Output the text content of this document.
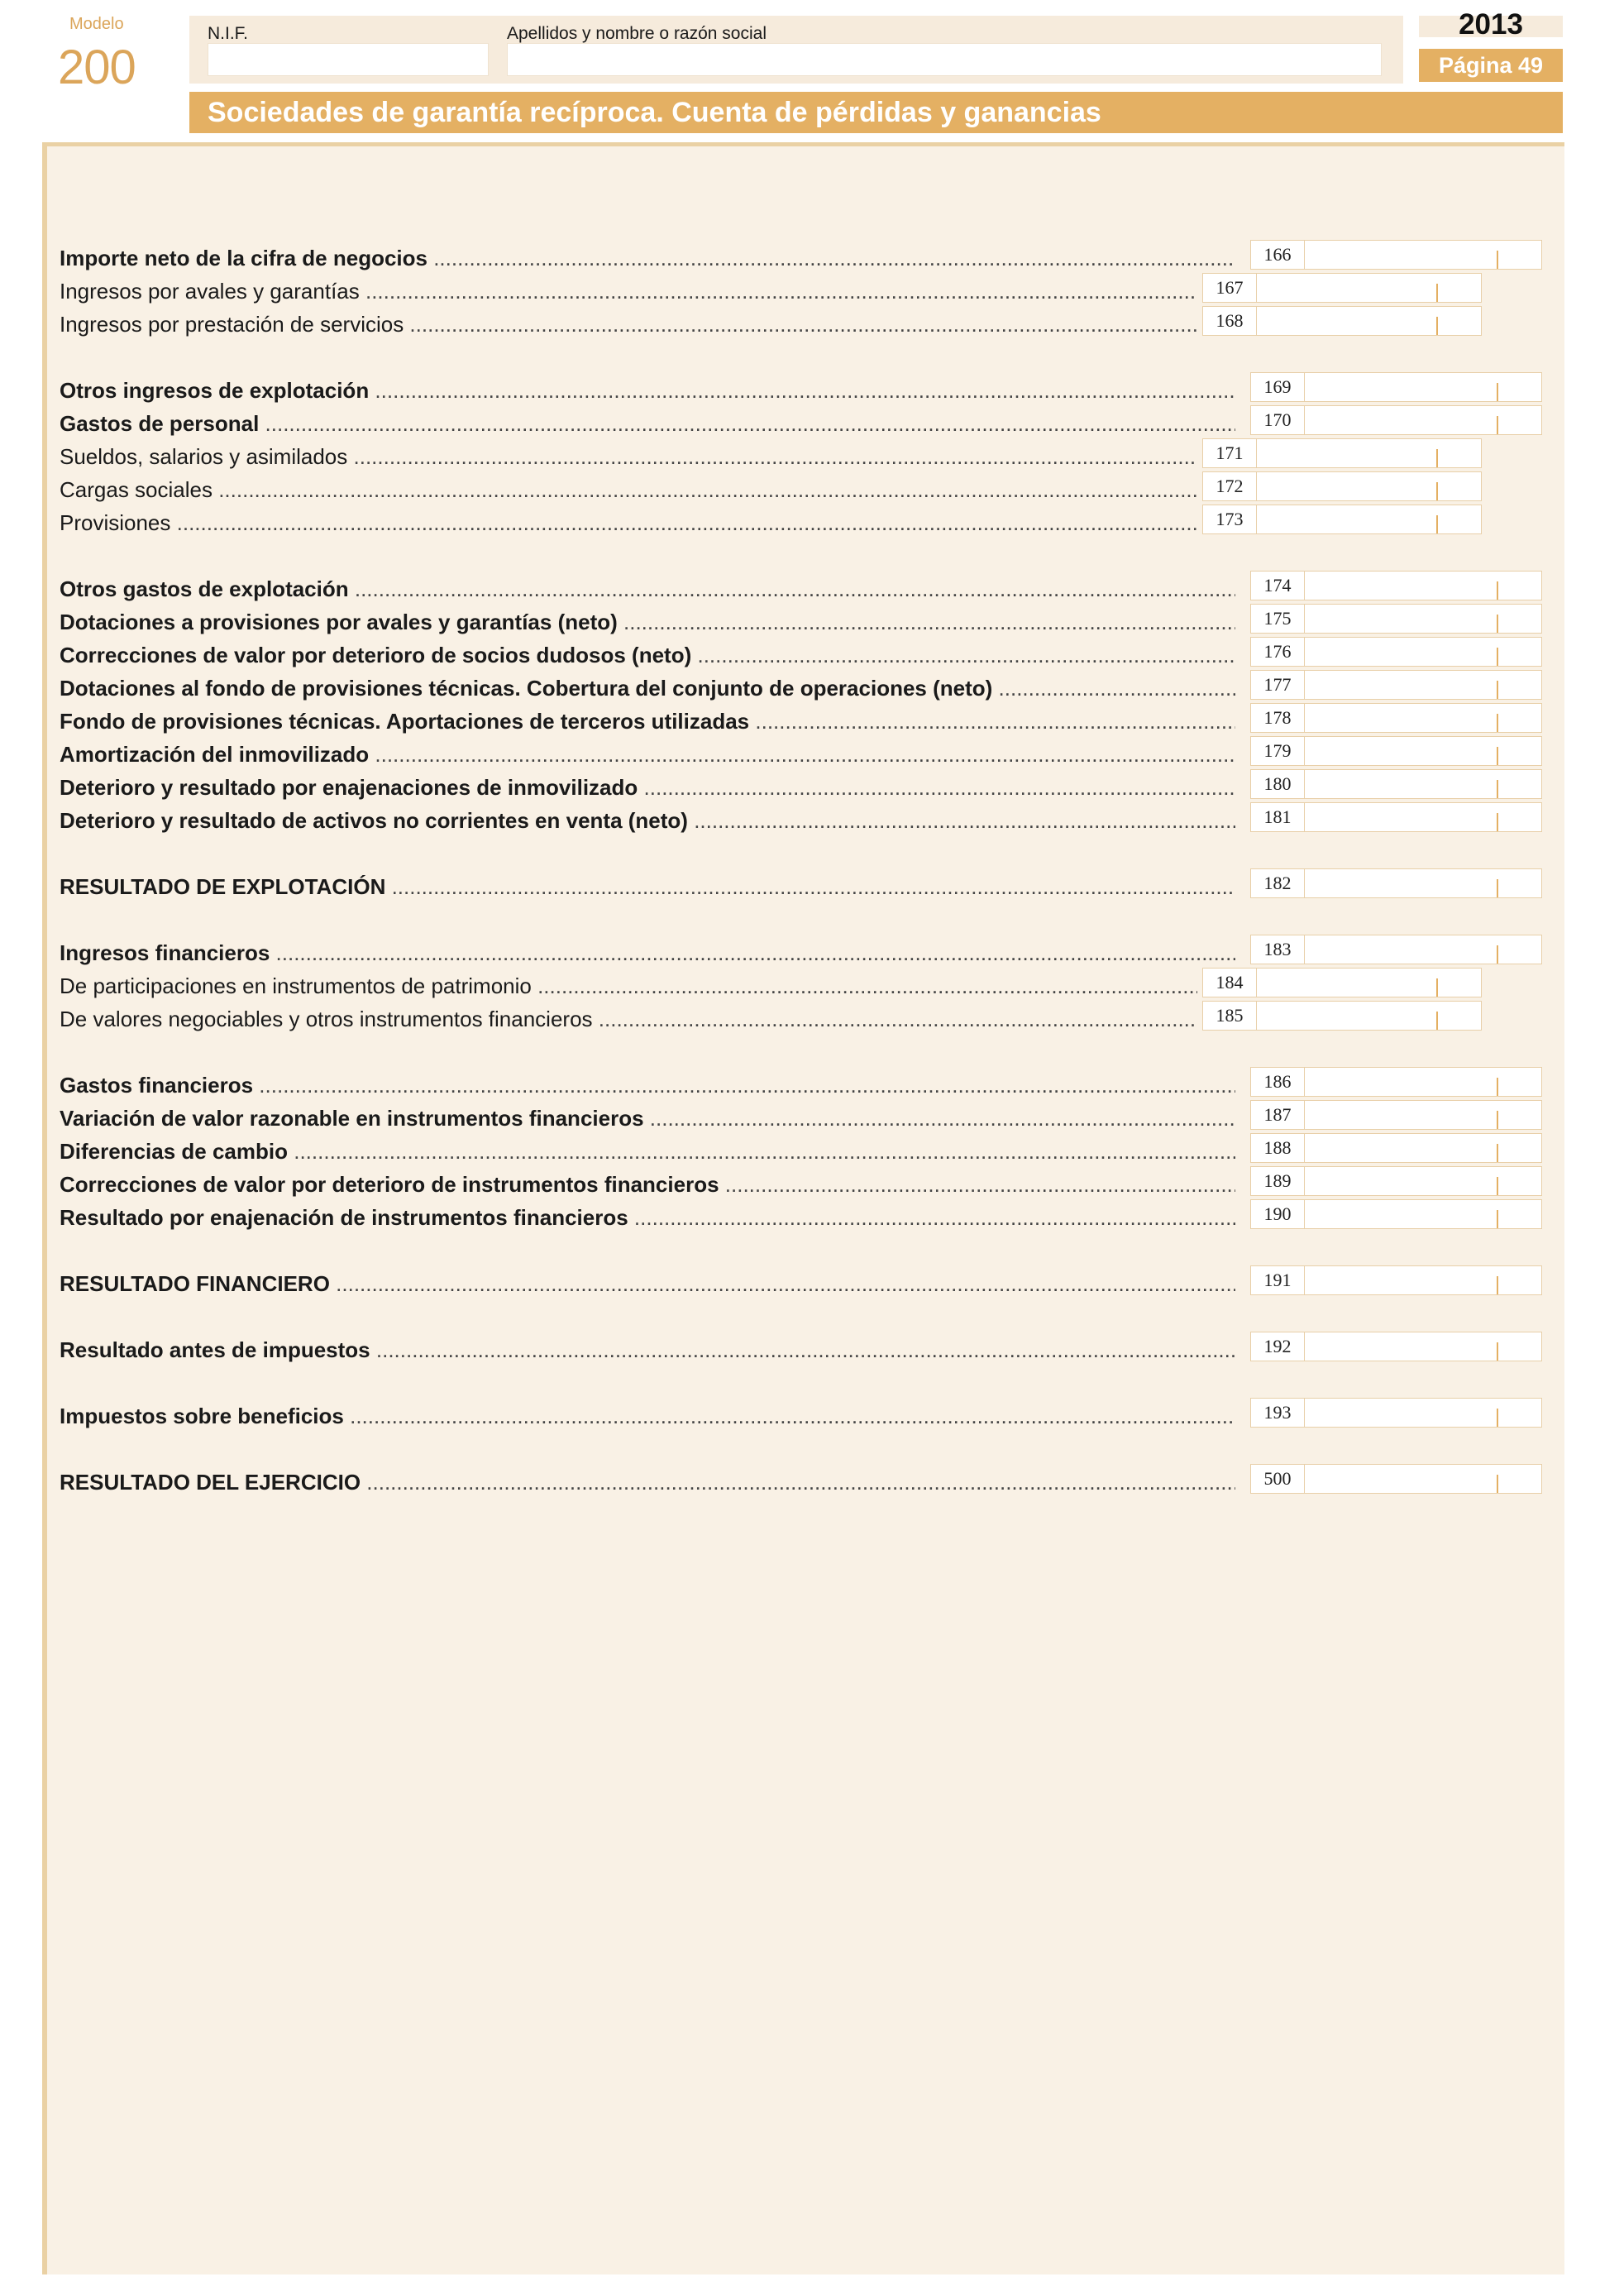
Modelo
200
N.I.F.	Apellidos y nombre o razón social	2013
Página 49
Sociedades de garantía recíproca. Cuenta de pérdidas y ganancias
Importe neto de la cifra de negocios .....	166
Ingresos por avales y garantías .....	167
Ingresos por prestación de servicios .....	168
Otros ingresos de explotación .....	169
Gastos de personal .....	170
Sueldos, salarios y asimilados .....	171
Cargas sociales .....	172
Provisiones .....	173
Otros gastos de explotación .....	174
Dotaciones a provisiones por avales y garantías (neto) .....	175
Correcciones de valor por deterioro de socios dudosos (neto) .....	176
Dotaciones al fondo de provisiones técnicas. Cobertura del conjunto de operaciones (neto) .....	177
Fondo de provisiones técnicas. Aportaciones de terceros utilizadas .....	178
Amortización del inmovilizado .....	179
Deterioro y resultado por enajenaciones de inmovilizado .....	180
Deterioro y resultado de activos no corrientes en venta (neto) .....	181
RESULTADO DE EXPLOTACIÓN .....	182
Ingresos financieros .....	183
De participaciones en instrumentos de patrimonio .....	184
De valores negociables y otros instrumentos financieros .....	185
Gastos financieros .....	186
Variación de valor razonable en instrumentos financieros .....	187
Diferencias de cambio .....	188
Correcciones de valor por deterioro de instrumentos financieros .....	189
Resultado por enajenación de instrumentos financieros .....	190
RESULTADO FINANCIERO .....	191
Resultado antes de impuestos .....	192
Impuestos sobre beneficios .....	193
RESULTADO DEL EJERCICIO .....	500
